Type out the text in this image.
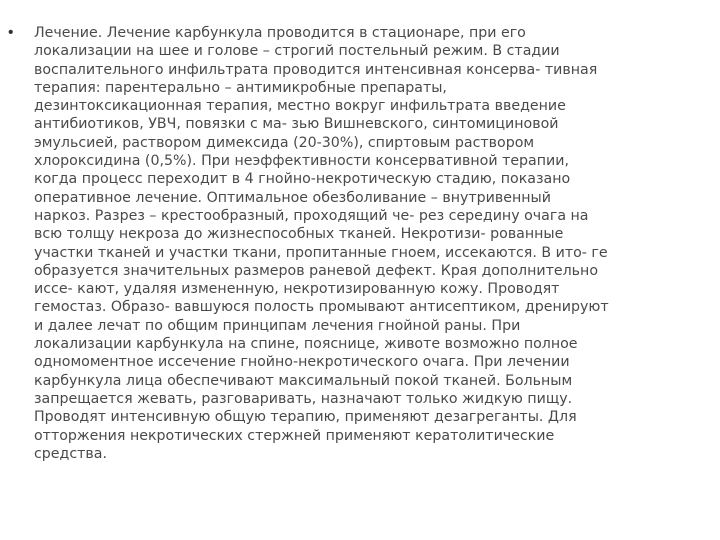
• Лечение. Лечение карбункула проводится в стационаре, при его
локализации на шее и голове – строгий постельный режим. В стадии
воспалительного инфильтрата проводится интенсивная консерва- тивная
терапия: парентерально – антимикробные препараты,
дезинтоксикационная терапия, местно вокруг инфильтрата введение
антибиотиков, УВЧ, повязки с ма- зью Вишневского, синтомициновой
эмульсией, раствором димексида (20-30%), спиртовым раствором
хлороксидина (0,5%). При неэффективности консервативной терапии,
когда процесс переходит в 4 гнойно-некротическую стадию, показано
оперативное лечение. Оптимальное обезболивание – внутривенный
наркоз. Разрез – крестообразный, проходящий че- рез середину очага на
всю толщу некроза до жизнеспособных тканей. Некротизи- рованные
участки тканей и участки ткани, пропитанные гноем, иссекаются. В ито- ге
образуется значительных размеров раневой дефект. Края дополнительно
иссе- кают, удаляя измененную, некротизированную кожу. Проводят
гемостаз. Образо- вавшуюся полость промывают антисептиком, дренируют
и далее лечат по общим принципам лечения гнойной раны. При
локализации карбункула на спине, пояснице, животе возможно полное
одномоментное иссечение гнойно-некротического очага. При лечении
карбункула лица обеспечивают максимальный покой тканей. Больным
запрещается жевать, разговаривать, назначают только жидкую пищу.
Проводят интенсивную общую терапию, применяют дезагреганты. Для
отторжения некротических стержней применяют кератолитические
средства.
